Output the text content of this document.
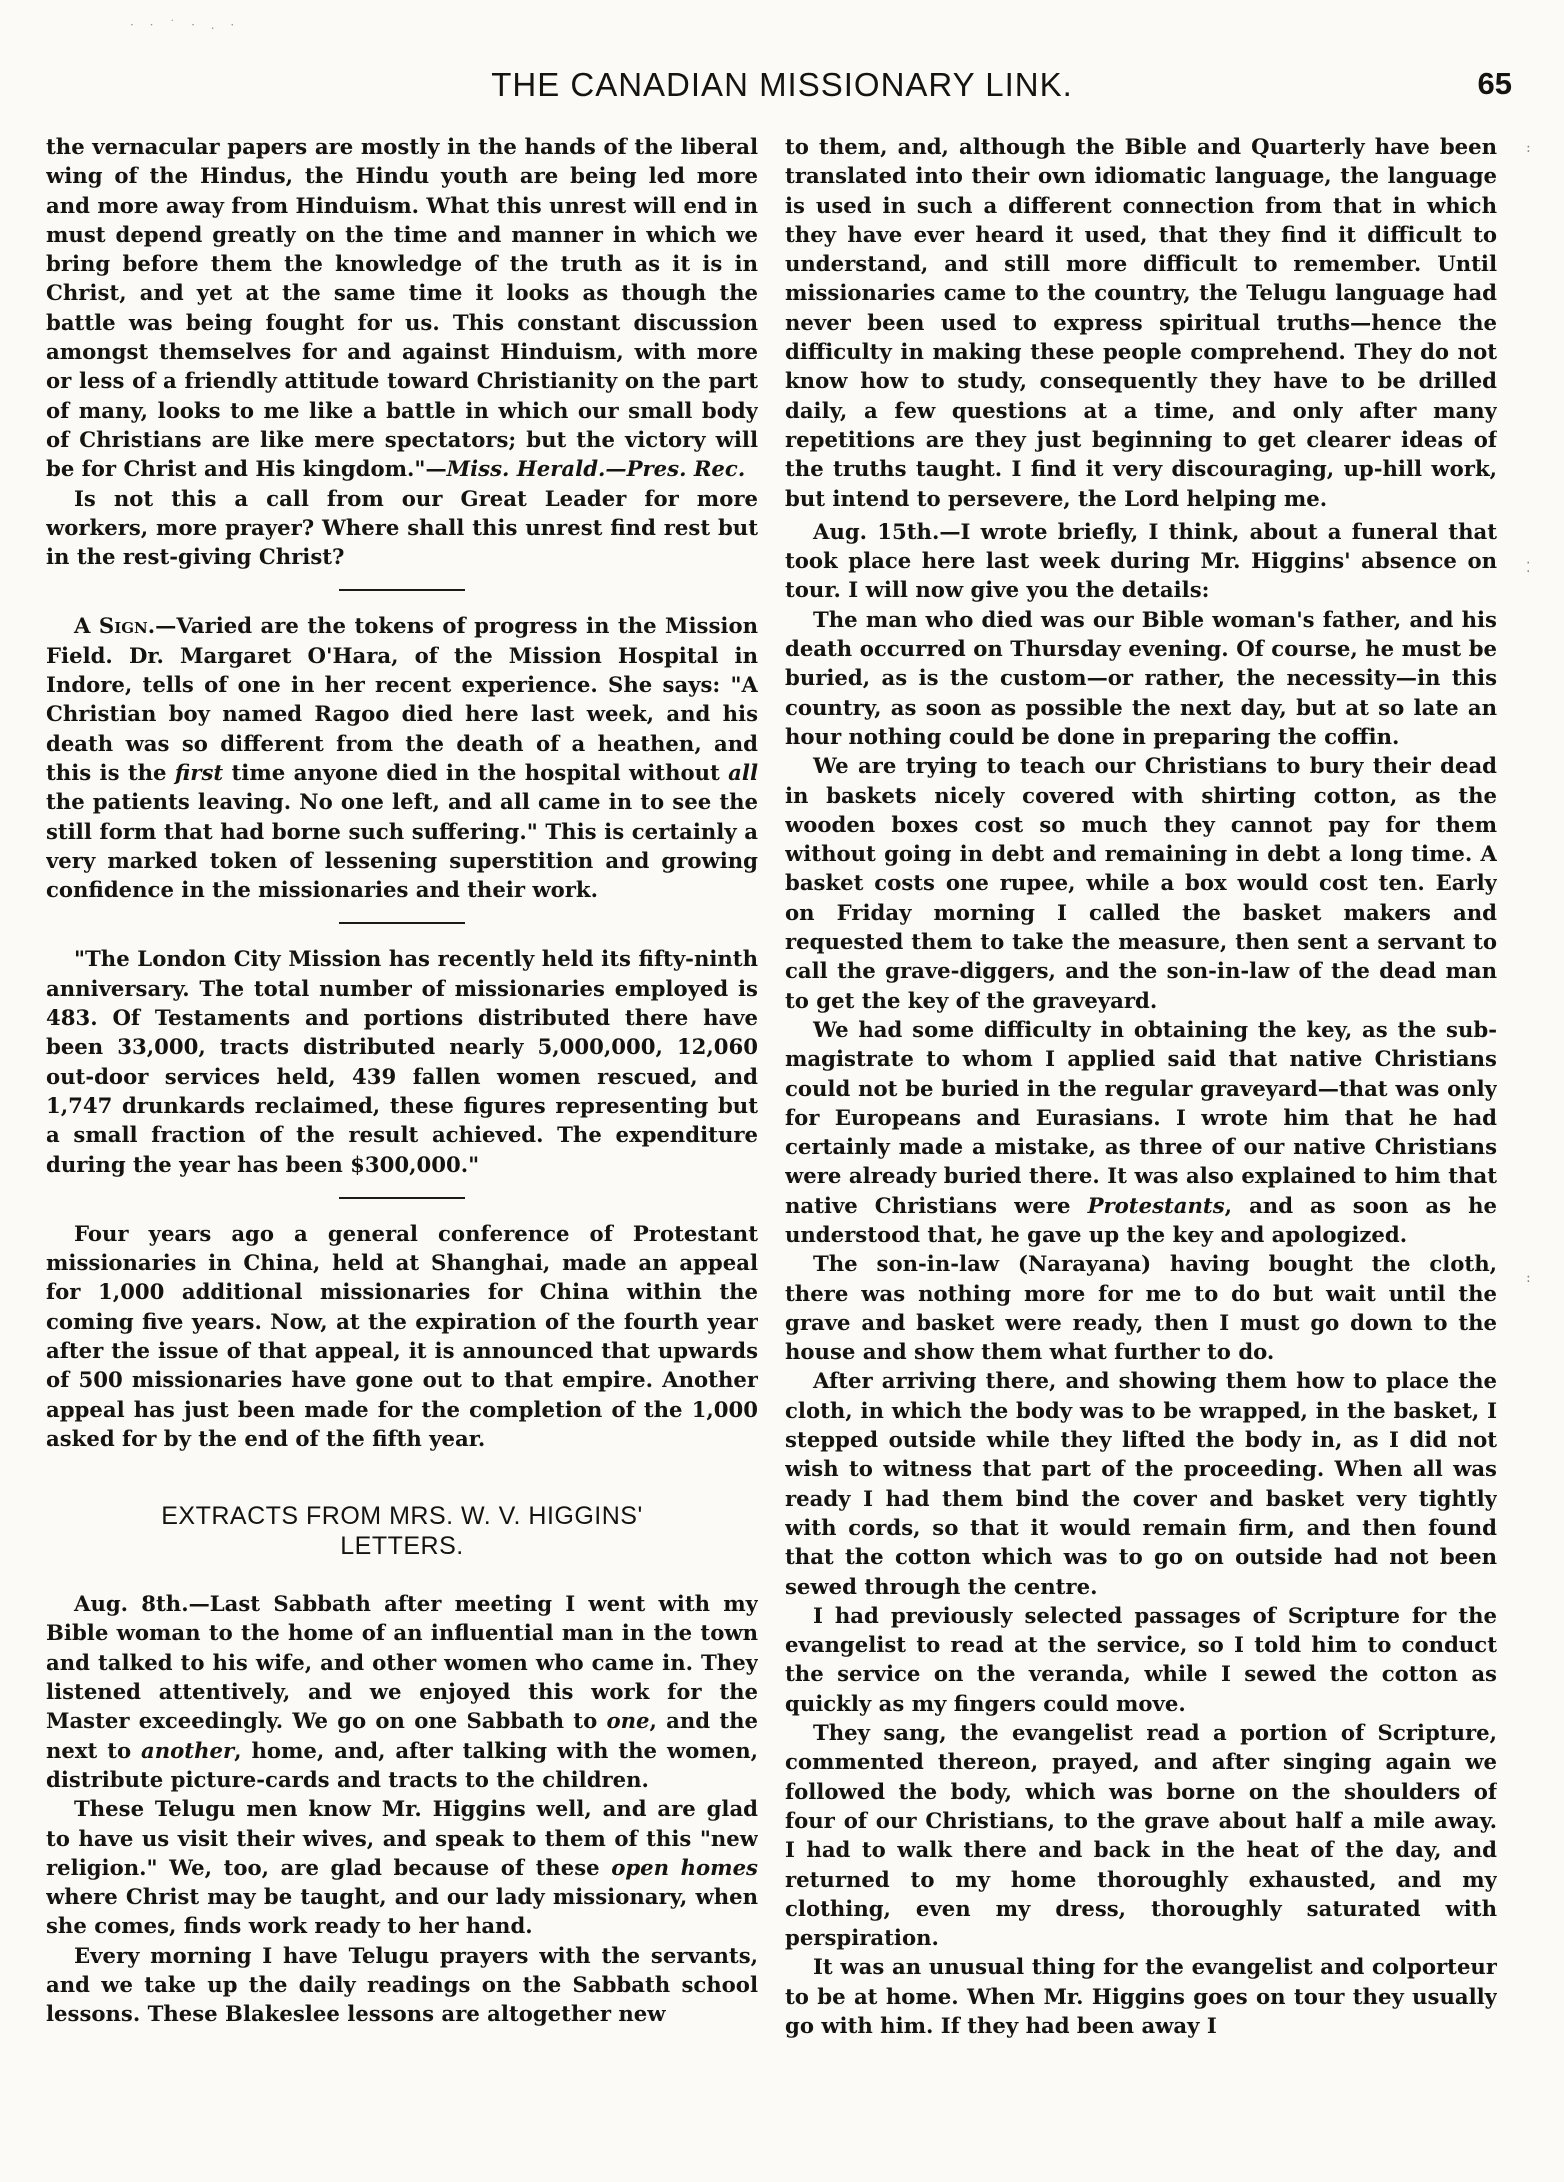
· · ˙ · . ·
THE CANADIAN MISSIONARY LINK.	65

the vernacular papers are mostly in the hands of the liberal wing of the Hindus, the Hindu youth are being led more and more away from Hinduism. What this unrest will end in must depend greatly on the time and manner in which we bring before them the knowledge of the truth as it is in Christ, and yet at the same time it looks as though the battle was being fought for us. This constant discussion amongst themselves for and against Hinduism, with more or less of a friendly attitude toward Christianity on the part of many, looks to me like a battle in which our small body of Christians are like mere spectators; but the victory will be for Christ and His kingdom."—Miss. Herald.—Pres. Rec.

Is not this a call from our Great Leader for more workers, more prayer? Where shall this unrest find rest but in the rest-giving Christ?

A Sign.—Varied are the tokens of progress in the Mission Field. Dr. Margaret O'Hara, of the Mission Hospital in Indore, tells of one in her recent experience. She says: "A Christian boy named Ragoo died here last week, and his death was so different from the death of a heathen, and this is the first time anyone died in the hospital without all the patients leaving. No one left, and all came in to see the still form that had borne such suffering." This is certainly a very marked token of lessening superstition and growing confidence in the missionaries and their work.

"The London City Mission has recently held its fifty-ninth anniversary. The total number of missionaries employed is 483. Of Testaments and portions distributed there have been 33,000, tracts distributed nearly 5,000,000, 12,060 out-door services held, 439 fallen women rescued, and 1,747 drunkards reclaimed, these figures representing but a small fraction of the result achieved. The expenditure during the year has been $300,000."

Four years ago a general conference of Protestant missionaries in China, held at Shanghai, made an appeal for 1,000 additional missionaries for China within the coming five years. Now, at the expiration of the fourth year after the issue of that appeal, it is announced that upwards of 500 missionaries have gone out to that empire. Another appeal has just been made for the completion of the 1,000 asked for by the end of the fifth year.

EXTRACTS FROM MRS. W. V. HIGGINS'
LETTERS.

Aug. 8th.—Last Sabbath after meeting I went with my Bible woman to the home of an influential man in the town and talked to his wife, and other women who came in. They listened attentively, and we enjoyed this work for the Master exceedingly. We go on one Sabbath to one, and the next to another, home, and, after talking with the women, distribute picture-cards and tracts to the children.

These Telugu men know Mr. Higgins well, and are glad to have us visit their wives, and speak to them of this "new religion." We, too, are glad because of these open homes where Christ may be taught, and our lady missionary, when she comes, finds work ready to her hand.

Every morning I have Telugu prayers with the servants, and we take up the daily readings on the Sabbath school lessons. These Blakeslee lessons are altogether new

to them, and, although the Bible and Quarterly have been translated into their own idiomatic language, the language is used in such a different connection from that in which they have ever heard it used, that they find it difficult to understand, and still more difficult to remember. Until missionaries came to the country, the Telugu language had never been used to express spiritual truths—hence the difficulty in making these people comprehend. They do not know how to study, consequently they have to be drilled daily, a few questions at a time, and only after many repetitions are they just beginning to get clearer ideas of the truths taught. I find it very discouraging, up-hill work, but intend to persevere, the Lord helping me.

Aug. 15th.—I wrote briefly, I think, about a funeral that took place here last week during Mr. Higgins' absence on tour. I will now give you the details:

The man who died was our Bible woman's father, and his death occurred on Thursday evening. Of course, he must be buried, as is the custom—or rather, the necessity—in this country, as soon as possible the next day, but at so late an hour nothing could be done in preparing the coffin.

We are trying to teach our Christians to bury their dead in baskets nicely covered with shirting cotton, as the wooden boxes cost so much they cannot pay for them without going in debt and remaining in debt a long time. A basket costs one rupee, while a box would cost ten. Early on Friday morning I called the basket makers and requested them to take the measure, then sent a servant to call the grave-diggers, and the son-in-law of the dead man to get the key of the graveyard.

We had some difficulty in obtaining the key, as the sub-magistrate to whom I applied said that native Christians could not be buried in the regular graveyard—that was only for Europeans and Eurasians. I wrote him that he had certainly made a mistake, as three of our native Christians were already buried there. It was also explained to him that native Christians were Protestants, and as soon as he understood that, he gave up the key and apologized.

The son-in-law (Narayana) having bought the cloth, there was nothing more for me to do but wait until the grave and basket were ready, then I must go down to the house and show them what further to do.

After arriving there, and showing them how to place the cloth, in which the body was to be wrapped, in the basket, I stepped outside while they lifted the body in, as I did not wish to witness that part of the proceeding. When all was ready I had them bind the cover and basket very tightly with cords, so that it would remain firm, and then found that the cotton which was to go on outside had not been sewed through the centre.

I had previously selected passages of Scripture for the evangelist to read at the service, so I told him to conduct the service on the veranda, while I sewed the cotton as quickly as my fingers could move.

They sang, the evangelist read a portion of Scripture, commented thereon, prayed, and after singing again we followed the body, which was borne on the shoulders of four of our Christians, to the grave about half a mile away. I had to walk there and back in the heat of the day, and returned to my home thoroughly exhausted, and my clothing, even my dress, thoroughly saturated with perspiration.

It was an unusual thing for the evangelist and colporteur to be at home. When Mr. Higgins goes on tour they usually go with him. If they had been away I

:
⁚
:
